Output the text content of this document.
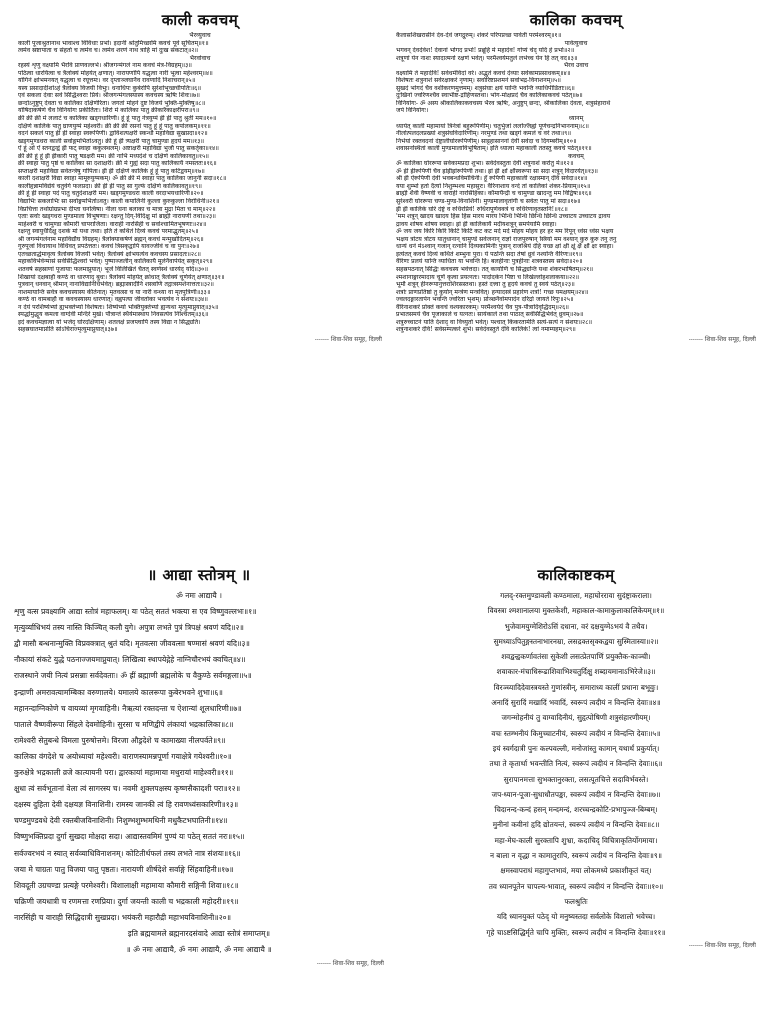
काली कवचम्
भैरव्युवाच
काली पूजाश्रुतानाथ भावाश्च विविधाः प्रभो। इदानीं श्रोतुमिच्छामि कवचं पूर्व सूचितम्॥१॥
त्वमेव स्रष्टापाता च संहर्ता च त्वमेव च। त्वमेव शरणं नाथ त्राहि मां दुःख संकटात्॥२॥
भैरवोवाच
रहस्यं शृणु वक्ष्यामि भैरवि प्राणवल्लभे। श्रीजगन्मंगलं नाम कवचं मंत्र-विग्रहम्॥३॥
पठित्वा धारयित्वा च त्रैलोक्यं मोहयेत् क्षणात्। नारायणोपि यद्धृत्वा नारी भूत्वा महेश्वरम्॥४॥
योगिनं क्षोभमनयत् यद्धृत्वा च रघूत्तमः। वर दृप्ताञ्जघानैव रावणादि निशाचरान्॥५॥
यस्य प्रसादादीशोऽहं त्रैलोक्य विजयी विभुः। धनाधिपः कुबेरोपि सुरेशोभूच्छचीपतिः॥६॥
एवं सकला देवाः सर्व सिद्धिश्वराः प्रिये। श्रीजगन्मंगलस्यास्य कवचस्य ऋषिः शिवः॥७॥
छन्दोऽनुष्टुप् देवता च कालिका दक्षिणेरिता। जगतां मोहने दुष्ट विजये भुक्ति-मुक्तिषु॥८॥
योषिदाकर्षणे चैव विनियोगः प्रकीर्तितः। शिरो मे कालिका पातु क्रींकारैकाक्षरीपरा॥९॥
क्रीं क्रीं क्रीं मे ललाटं च कालिका खड्गधारिणी। हूं हूं पातु नेत्रयुग्मं ह्रीं ह्रीं पातु श्रुती मम॥१०॥
दक्षिणे कालिके पातु घ्राणयुग्मं महेश्वरी। क्रीं क्रीं क्रीं रसनां पातु हूं हूं पातु कपोलकम्॥११॥
वदनं सकलं पातु ह्रीं ह्रीं स्वाहा स्वरूपिणी। द्वाविंशत्यक्षरी स्कन्धौ महाविद्या सुखप्रदा॥१२॥
खड्गमुण्डधरा काली सर्वाङ्गमभितोऽवतु। क्रीं हूं ह्रीं त्र्यक्षरी पातु चामुण्डा हृदयं मम॥१३॥
ऐं हूं ओं ऐं स्तनद्वन्द्वं ह्रीं फट् स्वाहा ककुत्स्थलम्। अष्टाक्षरी महाविद्या भुजौ पातु सकर्तृका॥१४॥
क्रीं क्रीं हूं हूं ह्रीं ह्रींकारी पातु षडक्षरी मम। क्रीं नाभिं मध्यदेशं च दक्षिणे कालिकावतु॥१५॥
क्रीं स्वाहा पातु पृष्ठं च कालिका सा दशाक्षरी। क्रीं मे गुह्यं सदा पातु कालिकायै नमस्ततः॥१६॥
सप्ताक्षरी महाविद्या सर्वतन्त्रेषु गोपिता। ह्रीं ह्रीं दक्षिणे कालिके हूं हूं पातु कटिद्वयम्॥१७॥
काली दशाक्षरी विद्या स्वाहा मामूरुयुग्मकम्। ॐ क्रीं क्रीं मे स्वाहा पातु कालिका जानुनी सदा॥१८॥
कालीहृन्नामविद्येयं चतुर्वर्ग फलप्रदा। क्रीं ह्रीं ह्रीं पातु सा गुल्फं दक्षिणे कालिकावतु॥१९॥
क्रीं हूं ह्रीं स्वाहा पदं पातु चतुर्दशाक्षरी मम। खड्गमुण्डधरा काली वरदाभयधारिणी॥२०॥
विद्याभिः सकलाभिः सा सर्वाङ्गमभितोऽवतु। काली कपालिनी कुल्ला कुरुकुल्ला विरोधिनी॥२१॥
विप्रचित्ता तथोग्रोग्रप्रभा दीप्ता घनत्विषा। नीला घना बलाका च मात्रा मुद्रा मिता च माम्॥२२॥
एताः सर्वाः खड्गधरा मुण्डमाला विभूषणाः। रक्षन्तु दिग्-विदिक्षु मां ब्राह्मी नारायणी तथा॥२३॥
माहेश्वरी च चामुण्डा कौमारी चापराजिता। वाराही नारसिंही च सर्वाश्चामितभूषणाः॥२४॥
रक्षन्तु स्वायुधैर्दिक्षु दशकं मां यथा तथा। इति ते कथितं दिव्यं कवचं परमाद्भुतम्॥२५॥
श्री जगन्मंगलंनाम महाविद्यौघ विग्रहम्। त्रैलोक्याकर्षणं ब्रह्मन् कवचं मन्मुखोदितम्॥२६॥
गुरुपूजां विधायाथ विधिवत् प्रपठेत्ततः। कवचं त्रिसकृद्वापि यावज्जीवं च वा पुनः॥२७॥
एतच्छतार्द्धमावृत्य त्रैलोक्य विजयी भवेत्। त्रैलोक्यं क्षोभयत्येव कवचस्य प्रसादतः॥२८॥
महाकविर्भवेन्मासं सर्वसिद्धिश्वरो भवेत्। पुष्पाञ्जलीन् कालिकायै मूलेनैवार्पयेत् सकृत्॥२९॥
शतवर्ष सहस्राणां पूजायाः फलमाप्नुयात्। भूर्जे विलिखितं चैतत् स्वर्णस्थं धारयेद् यदि॥३०॥
शिखायां दक्षबाहौ कण्ठे वा धारणाद् बुधः। त्रैलोक्यं मोहयेत् क्रोधात् त्रैलोक्यं चूर्णयेत् क्षणात्॥३१॥
पुत्रवान् धनवान् श्रीमान् नानाविद्यानिधिर्भवेत्। ब्रह्मास्त्रादीनि शस्त्राणि तद्गात्रस्पर्शनात्ततः॥३२॥
नाशमायान्ति सर्वत्र कवचस्यास्य कीर्तनात्। मृतवत्सा च या नारी वन्ध्या वा मृतपुत्रिणी॥३३॥
कण्ठे वा वामबाहौ वा कवचस्यास्य धारणात्। वह्वपत्या जीवतोका भवत्येव न संशयः॥३४॥
न देयं परशिष्येभ्यो ह्यभक्तेभ्यो विशेषतः। शिष्येभ्यो भक्तियुक्तेभ्यो ह्यन्यथा मृत्युमाप्नुयात्॥३५॥
स्पर्द्धामुद्धूय कमला वाग्देवी मन्दिरे मुखे। पौत्रान्तं स्थैर्यमास्थाय निवसत्येव निश्चितम्॥३६॥
इदं कवचमज्ञात्वा यो भजेद् घोरदक्षिणाम्। शतलक्षं प्रजप्त्वापि तस्य विद्या न सिद्ध्यति।
सहस्रघातमाप्नोति सोऽचिराज्मृत्युमाप्नुयात्॥३७॥
------- शिवा-शिव समूह, दिल्ली
कालिका कवचम्
कैलासशिखरासीनं देव-देवं जगद्गुरुम्। शंकरं परिपप्रच्छ पार्वती परमेश्वरम्॥१॥
पार्वत्युवाच
भगवन् देवदेवेश! देवानां भोगद प्रभो! प्रब्रूहि मे महादेव! गोप्यं चेद् यदि हे प्रभो॥२॥
शत्रूणां येन नाशः स्यादात्मनो रक्षणं भवेत्। परमैश्वर्यमतुलं लभेच्च येन हि तत् वद॥३॥
भैरव उवाच
वक्ष्यामि ते महादेवि! सर्वधर्मविदां वरे। अद्भुतं कवचं देव्याः सर्वकामप्रसाधकम्॥४॥
विशेषतः शत्रुनाशं सर्वरक्षाकरं नृणाम्। सर्वारिष्टप्रशमनं सर्वाभद्र-विनाशनम्॥५॥
सुखदं भोगदं चैव वशीकरणमुत्तमम्। शत्रुसंघाः क्षयं यान्ति भवन्ति व्याधिपीडिताः॥६॥
दुःखिनो ज्वरिणश्चैव स्वाभीष्ट-द्रोहिणस्तथा। भोग-मोक्षप्रदं चैव कालिकाकवचं पठेत्॥७॥
विनियोगः- ॐ अस्य श्रीकालिकाकवचस्य भैरव ऋषिः, अनुष्टुप् छन्दः, श्रीकालिका देवता, शत्रुसंहारार्थ
जपे विनियोगः।
ध्यानम्
ध्यायेत् कालीं महामायां त्रिनेत्रां बहुरूपिणीम्। चतुर्भुजां ललज्जिह्वां पूर्णचन्द्रनिभाननाम्॥८॥
नीलोत्पलदलप्रख्यां शत्रुसंघविदारिणीम्। नरमुण्डं तथा खड्गं कमलं च वरं तथा॥९॥
निर्भयां रक्तवदनां दंष्ट्रालीघोररूपिणीम्। साट्टहासाननां देवीं सर्वदा च दिगम्बरीम्॥१०॥
शवासनस्थितां कालीं मुण्डमालाविभूषिताम्। इति ध्यात्वा महाकालीं ततस्तु कवचं पठेत्॥११॥
कवचम्
ॐ कालिका घोररूपा सर्वकामप्रदा शुभा। सर्वदेवस्तुता देवी शत्रुनाशं करोतु मे॥१२॥
ॐ ह्रीं ह्रींरूपिणीं चैव ह्रांह्रींह्रांरूपिणीं तथा। ह्रां ह्रीं क्षों क्षौंस्वरूपा सा सदा शत्रून् विदारयेत्॥१३॥
श्रीं ह्रीं ऐंरूपिणी देवी भवबन्धविमोचिनी। हूँ रूपिणी महाकाली रक्षास्मान् देवि सर्वदा॥१४॥
यया शुम्भो हतो दैत्यो निशुम्भश्च महासुरः। वैरिनाशाय वन्दे तां कालिकां शंकर-प्रियाम्॥१५॥
ब्राह्मी शैवी वैष्णवी च वाराही नारसिंहिका। कौमार्यैन्द्री च चामुण्डा खादन्तु मम विद्विषः॥१६॥
सुरेश्वरी घोररूपा चण्ड-मुण्ड-विनाशिनी। मुण्डमालावृतांगी च सर्वतः पातु मां सदा॥१७॥
ह्रीं ह्रीं कालिके घोरे दंष्ट्रे व रुधिरप्रिये! रुधिरापूर्णवक्त्रे च रुधिरेणावृतस्तनि!॥१८॥
'मम शत्रून् खादय खादय हिंस हिंस मारय मारय भिन्धि भिन्धि छिन्धि छिन्धि उच्चाटय उच्चाटय द्रावय
द्रावय शोषय शोषय स्वाहा। ह्रां ह्रीं कालिकायै मदीयशत्रून् समर्पयामि स्वाहा।
ॐ जय जय किरि किरि किटि किटि कट कट मर्द मर्द मोहय मोहय हर हर मम रिपून् ध्वंस ध्वंस भक्षय
भक्षय त्रोटय त्रोटय यातुधानान् चामुण्डे सर्वजनान् राज्ञो राजपुरुषान् स्त्रियो मम वश्यान् कुरु कुरु तनु तनु
धान्यं धनं मेऽश्वान् गजान् रत्नानि दिव्यकामिनीः पुत्रान् राजश्रियं देहि यच्छ क्षां क्षीं क्षूं क्षैं क्षौं क्षः स्वाहा।
इत्येतत् कवचं दिव्यं कथितं शम्भुना पुरा। ये पठन्ति सदा तेषां ध्रुवं नश्यन्ति वैरिणः॥१९॥
वैरिणः प्रलयं यान्ति व्याधिता या भवन्ति हि। बलहीनाः पुत्रहीनाः शत्रवस्तस्य सर्वदा॥२०॥
सहस्रपठनात् सिद्धिः कवचस्य भवेत्तदा। तत् कार्याणि च सिद्ध्यन्ति यथा शंकरभाषितम्॥२१॥
श्मशानाङ्गारमादाय चूर्णं कृत्वा प्रयत्नतः। पादोदकेन पिष्टा च लिखेल्लोहशलाकया॥२२॥
भूमौ शत्रून् हीनरूपानुत्तराशिरसस्तथा। हस्तं दत्त्वा तु हृदये कवचं तु स्वयं पठेत्॥२३॥
शत्रोः प्राणप्रतिष्ठां तु कुर्यान् मन्त्रेण मन्त्रवित्। हन्यादस्त्रं प्रहारेण शत्रो! गच्छ यमक्षयम्॥२४॥
ज्वलदङ्गारतापेन भवन्ति ज्वरिता भृशम्। प्रोञ्छनैर्वामपादेन दरिद्रो जायते रिपुः॥२५॥
वैरिनाशकरं प्रोक्तं कवचं वश्यकारकम्। परमैश्वर्यदं चैव पुत्र-पौत्रादिवृद्धिदम्॥२६॥
प्रभातसमये चैव पूजाकाले च यत्नतः। सायंकाले तथा पाठात् सर्वसिद्धिर्भवेत् ध्रुवम्॥२७॥
शत्रुरुच्चाटनं याति देशाद् वा विच्युतो भवेत्। पश्चात् किंकरतामेति सत्यं-सत्यं न संशयः॥२८॥
शत्रुनाशकरे देवि! सर्वसम्पत्करे शुभे। सर्वदेवस्तुते देवि कालिके! त्वां नमाम्यहम्॥२९॥
------- शिवा-शिव समूह, दिल्ली
॥ आद्या स्तोत्रम् ॥
ॐ नमः आद्यायै ।
शृणु वत्स प्रवक्ष्यामि आद्या स्तोत्रं महाफलम्। यः पठेत् सततं भक्त्या स एव विष्णुवल्लभः॥१॥
मृत्युर्व्याधिभयं तस्य नास्ति किञ्चित् कलौ युगे। अपुत्रा लभते पुत्रं त्रिपक्षं श्रवणं यदि॥२॥
द्वौ मासौ बन्धनान्मुक्ति विप्रवक्त्रात् श्रुतं यदि। मृतवत्सा जीववत्सा षण्मासं श्रवणं यदि॥३॥
नौकायां संकटे युद्धे पठनाज्जयमाप्नुयात्। लिखित्वा स्थापयेद्गेहे नाग्निचौरभयं क्वचित्॥४॥
राजस्थाने जयी नित्यं प्रसन्नाः सर्वदेवताः। ॐ ह्रीं ब्रह्माणी ब्रह्मलोके च वैकुण्ठे सर्वमङ्गला॥५॥
इन्द्राणी अमरावत्यामम्बिका वरुणालये। यमालये कालरूपा कुबेरभवने शुभा॥६॥
महानन्दाग्निकोणे च वायव्यां मृगवाहिनी। नैऋत्यां रक्तदन्ता च ऐशान्यां शूलधारिणी॥७॥
पाताले वैष्णवीरूपा सिंहले देवमोहिनी। सुरसा च मणिद्वीपे लंकायां भद्रकालिका॥८॥
रामेश्वरी सेतुबन्धे विमला पुरुषोत्तमे। विरजा औड्रदेशे च कामाख्या नीलपर्वते॥९॥
कालिका वंगदेशे च अयोध्यायां महेश्वरी। वाराणस्यामन्नपूर्णा गयाक्षेत्रे गयेश्वरी॥१०॥
कुरुक्षेत्रे भद्रकाली व्रजे कात्यायनी परा। द्वारकायां महामाया मथुरायां माहेश्वरी॥११॥
क्षुधा त्वं सर्वभूतानां वेला त्वं सागरस्य च। नवमी शुक्लपक्षस्य कृष्णसैकादशी परा॥१२॥
दक्षस्य दुहिता देवी दक्षयज्ञ विनाशिनी। रामस्य जानकी त्वं हि रावणध्वंसकारिणी॥१३॥
चण्डमुण्डवधे देवी रक्तबीजविनाशिनी। निशुम्भशुम्भमथिनी मधुकैटभघातिनी॥१४॥
विष्णुभक्तिप्रदा दुर्गा सुखदा मोक्षदा सदा। आद्यास्तवमिमं पुण्यं यः पठेत् सततं नरः॥१५॥
सर्वज्वरभयं न स्यात् सर्वव्याधिविनाशनम्। कोटितीर्थफलं तस्य लभते नात्र संशयः॥१६॥
जया मे चाग्रतः पातु विजया पातु पृष्ठतः। नारायणी शीर्षदेशे सर्वाङ्गे सिंहवाहिनी॥१७॥
शिवदूती उग्रचण्डा प्रत्यङ्गे परमेश्वरी। विशालाक्षी महामाया कौमारी सङ्गिनी शिवा॥१८॥
चक्रिणी जयधात्री च रणमत्ता रणप्रिया। दुर्गा जयन्ती काली च भद्रकाली महोदरी॥१९॥
नारसिंही च वाराही सिद्धिदात्री सुखप्रदा। भयंकरी महारौद्री महाभयविनाशिनी॥२०॥
इति ब्रह्मयामले ब्रह्मनारदसंवादे आद्या स्तोत्रं समाप्तम्॥
॥ ॐ नमः आद्यायै, ॐ नमः आद्यायै, ॐ नमः आद्यायै ॥
------- शिवा-शिव समूह, दिल्ली
कालिकाष्टकम्
गलद्-रक्तमुण्डावली कण्ठमाला, महाघोररावा सुदंष्ट्राकराला।
विवस्त्रा श्मशानालया मुक्तकेशी, महाकाल-कामाकुलाकालिकेयम्॥१॥
भुजेवामयुग्मेशिरोऽसिं दधाना, वरं दक्षयुग्मेऽभयं वै तथैव।
सुमध्याऽपितुङ्गस्तनाभारनम्रा, लसद्रक्तसृक्कद्वया सुस्मितास्या॥२॥
शवद्वन्द्वकर्णावतंसा सुकेशी लसत्प्रेतपाणिं प्रयुक्तैक-काञ्ची।
शवाकार-मंचाधिरूढाशिवाभिश्चतुर्दिक्षु शब्दायमानाऽभिरेजे॥३॥
विरञ्च्यादिदेवास्त्रयस्ते गुणांस्त्रीन्, समाराध्य कालीं प्रधाना बभूवुः।
अनादिं सुरादिं मखादिं भवादिं, स्वरूपं त्वदीयं न विन्दन्ति देवाः॥४॥
जगन्मोहनीयं तु वाग्वादिनीयं, सुहृत्पोषिणी शत्रुसंहारणीयम्।
वचः स्तम्भनीयं किमुच्चाटनीयं, स्वरूपं त्वदीयं न विन्दन्ति देवाः॥५॥
इयं स्वर्गदात्री पुनः कल्पवल्ली, मनोजांस्तु कामान् यथार्थं प्रकुर्यात्।
तथा ते कृतार्था भवन्तीति नित्यं, स्वरूपं त्वदीयं न विन्दन्ति देवाः॥६॥
सुरापानमत्ता सुभक्तानुरक्ता, लसत्पूतचित्ते सदाविर्भवस्ते।
जप-ध्यान-पूजा-सुधाधौतपङ्का, स्वरूपं त्वदीयं न विन्दन्ति देवाः॥७॥
चिदानन्द-कन्दं हसन् मन्दमन्दं, शरच्चन्द्रकोटि-प्रभापुञ्ज-बिम्बम्।
मुनीनां कवीनां हृदि द्योतयन्तं, स्वरूपं त्वदीयं न विन्दन्ति देवाः॥८॥
महा-मेघ-काली सुरक्तापि शुभ्रा, कदाचिद् विचित्राकृतिर्योगमाया।
न बाला न वृद्धा न कामातुरापि, स्वरूपं त्वदीयं न विन्दन्ति देवाः॥९॥
क्षमस्वापराधं महागुप्तभावं, मया लोकमध्ये प्रकाशीकृतं यत्।
तव ध्यानपूतेन चापल्य-भावात्, स्वरूपं त्वदीयं न विन्दन्ति देवाः॥१०॥
फलश्रुतिः
यदि ध्यानयुक्तं पठेद् यो मनुष्यस्तदा सर्वलोके विशालो भवेच्च।
गृहे चाऽष्टसिद्धिर्मृते चापि मुक्तिः, स्वरूपं त्वदीयं न विन्दन्ति देवाः॥११॥
------- शिवा-शिव समूह, दिल्ली
